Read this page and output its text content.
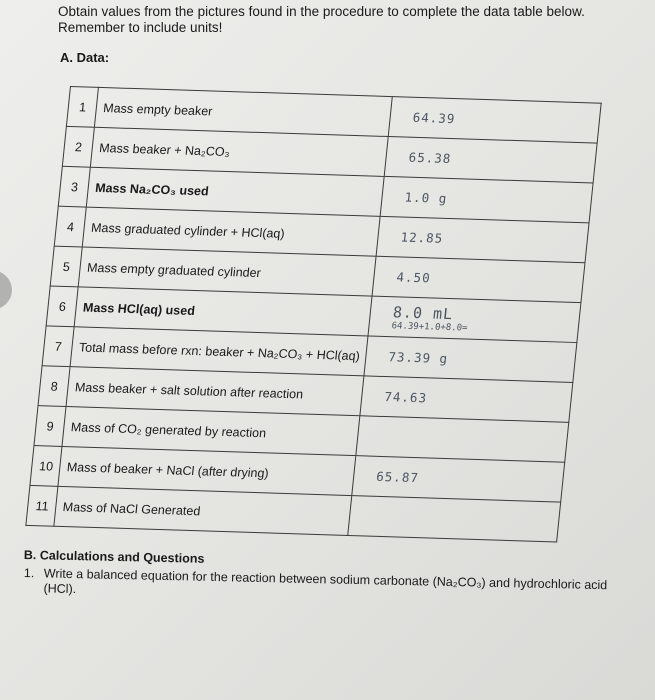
Obtain values from the pictures found in the procedure to complete the data table below. Remember to include units!
A. Data:
1	Mass empty beaker	64.39
2	Mass beaker + Na₂CO₃	65.38
3	Mass Na₂CO₃ used	1.0 g
4	Mass graduated cylinder + HCl(aq)	12.85
5	Mass empty graduated cylinder	4.50
6	Mass HCl(aq) used	8.0 mL
64.39+1.0+8.0=

7	Total mass before rxn: beaker + Na₂CO₃ + HCl(aq)	73.39 g
8	Mass beaker + salt solution after reaction	74.63
9	Mass of CO₂ generated by reaction	
10	Mass of beaker + NaCl (after drying)	65.87
11	Mass of NaCl Generated	
B. Calculations and Questions
1. Write a balanced equation for the reaction between sodium carbonate (Na₂CO₃) and hydrochloric acid (HCl).
